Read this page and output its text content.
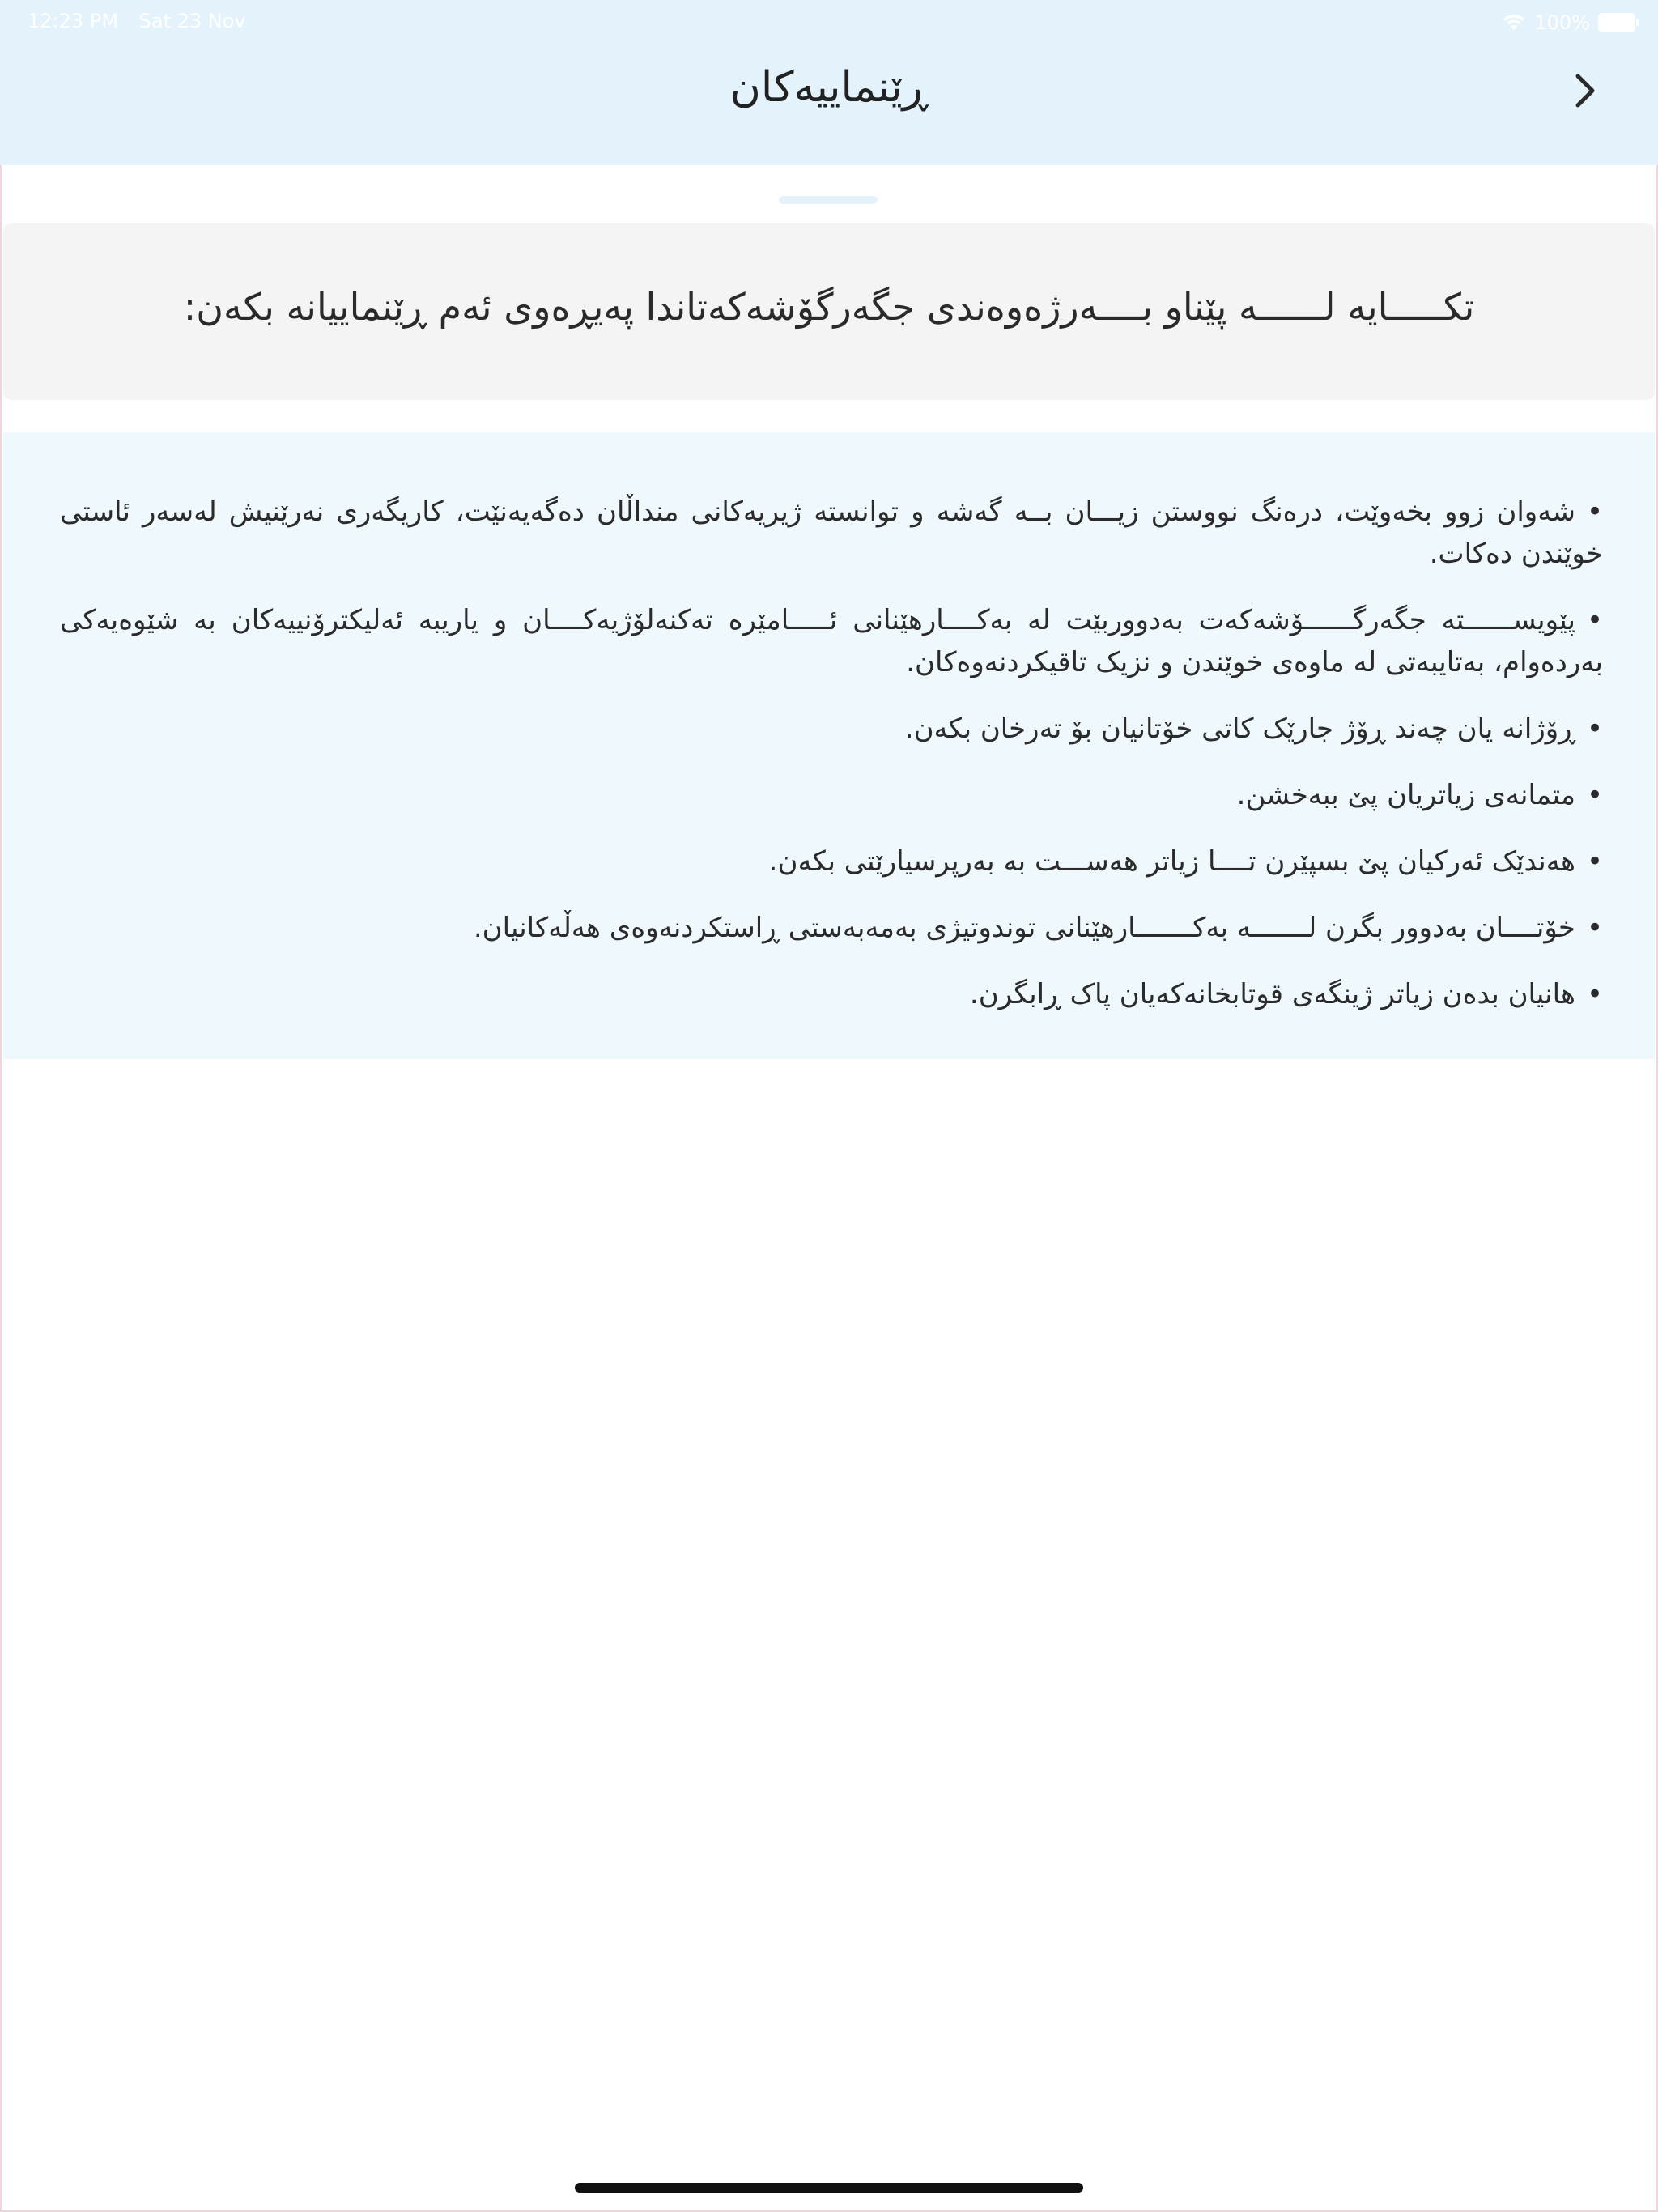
12:23 PM Sat 23 Nov	100%
ڕێنماییەکان
تکـــــایه لــــــه پێناو بــــەرژەوەندی جگەرگۆشەکەتاندا پەیڕەوی ئەم ڕێنماییانە بکەن:
•شەوان زوو بخەوێت، درەنگ نووستن زیـــان بــە گەشە و توانستە ژیریەکانی منداڵان دەگەیەنێت، کاریگەری نەرێنیش لەسەر ئاستی خوێندن دەکات.
•پێویســــــته جگەرگــــــۆشەکەت بەدووربێت له بەکــــارهێنانی ئـــــامێرە تەکنەلۆژیەکــــان و یاریبە ئەلیکترۆنییەکان بە شێوەیەکی بەردەوام، بەتایبەتی لە ماوەی خوێندن و نزیک تاقیکردنەوەکان.
•ڕۆژانە یان چەند ڕۆژ جارێک کاتی خۆتانیان بۆ تەرخان بکەن.
•متمانەی زیاتریان پێ ببەخشن.
•هەندێک ئەرکیان پێ بسپێرن تــــا زیاتر هەســـت بە بەرپرسیارێتی بکەن.
•خۆتــــان بەدوور بگرن لـــــــه بەکـــــــارهێنانی توندوتیژی بەمەبەستی ڕاستکردنەوەی هەڵەکانیان.
•هانیان بدەن زیاتر ژینگەی قوتابخانەکەیان پاک ڕابگرن.
